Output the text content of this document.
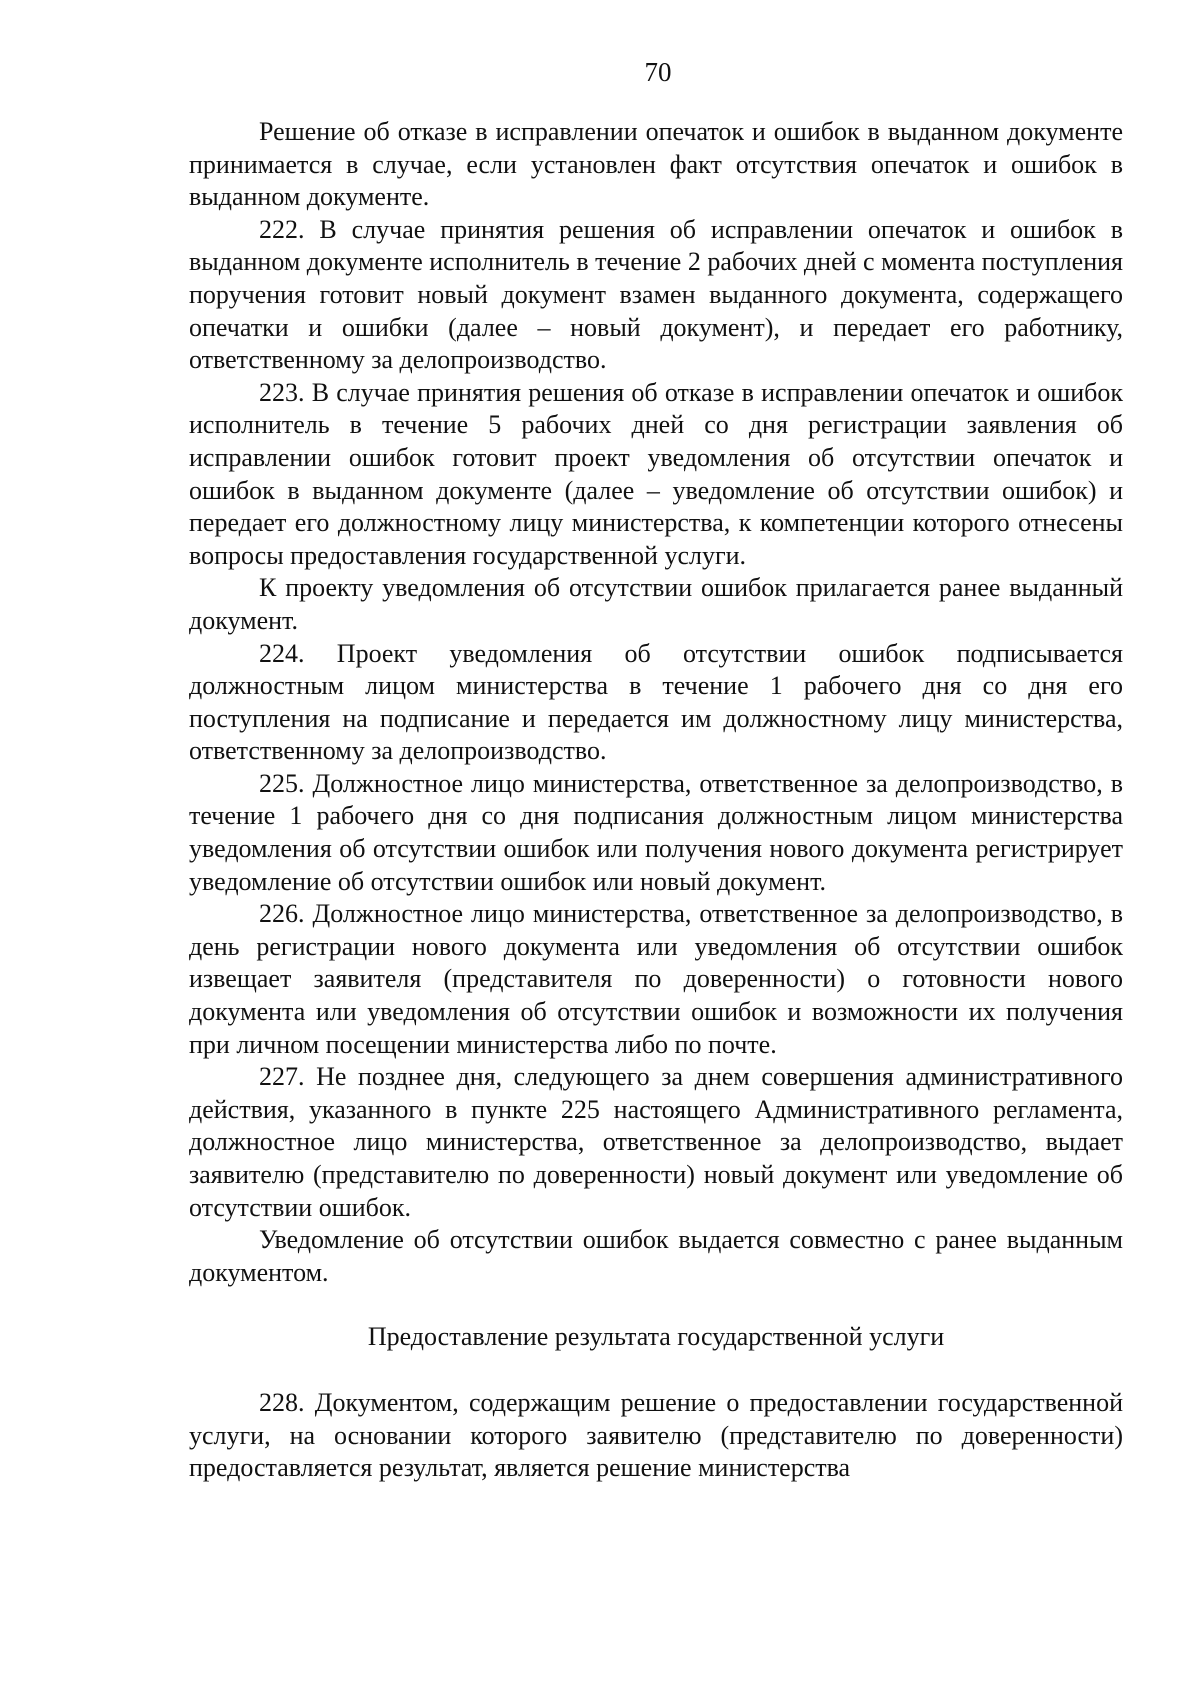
70

Решение об отказе в исправлении опечаток и ошибок в выданном документе принимается в случае, если установлен факт отсутствия опечаток и ошибок в выданном документе.

222. В случае принятия решения об исправлении опечаток и ошибок в выданном документе исполнитель в течение 2 рабочих дней с момента поступления поручения готовит новый документ взамен выданного документа, содержащего опечатки и ошибки (далее – новый документ), и передает его работнику, ответственному за делопроизводство.

223. В случае принятия решения об отказе в исправлении опечаток и ошибок исполнитель в течение 5 рабочих дней со дня регистрации заявления об исправлении ошибок готовит проект уведомления об отсутствии опечаток и ошибок в выданном документе (далее – уведомление об отсутствии ошибок) и передает его должностному лицу министерства, к компетенции которого отнесены вопросы предоставления государственной услуги.

К проекту уведомления об отсутствии ошибок прилагается ранее выданный документ.

224. Проект уведомления об отсутствии ошибок подписывается должностным лицом министерства в течение 1 рабочего дня со дня его поступления на подписание и передается им должностному лицу министерства, ответственному за делопроизводство.

225. Должностное лицо министерства, ответственное за делопроизводство, в течение 1 рабочего дня со дня подписания должностным лицом министерства уведомления об отсутствии ошибок или получения нового документа регистрирует уведомление об отсутствии ошибок или новый документ.

226. Должностное лицо министерства, ответственное за делопроизводство, в день регистрации нового документа или уведомления об отсутствии ошибок извещает заявителя (представителя по доверенности) о готовности нового документа или уведомления об отсутствии ошибок и возможности их получения при личном посещении министерства либо по почте.

227. Не позднее дня, следующего за днем совершения административного действия, указанного в пункте 225 настоящего Административного регламента, должностное лицо министерства, ответственное за делопроизводство, выдает заявителю (представителю по доверенности) новый документ или уведомление об отсутствии ошибок.

Уведомление об отсутствии ошибок выдается совместно с ранее выданным документом.

Предоставление результата государственной услуги

228. Документом, содержащим решение о предоставлении государственной услуги, на основании которого заявителю (представителю по доверенности) предоставляется результат, является решение министерства
